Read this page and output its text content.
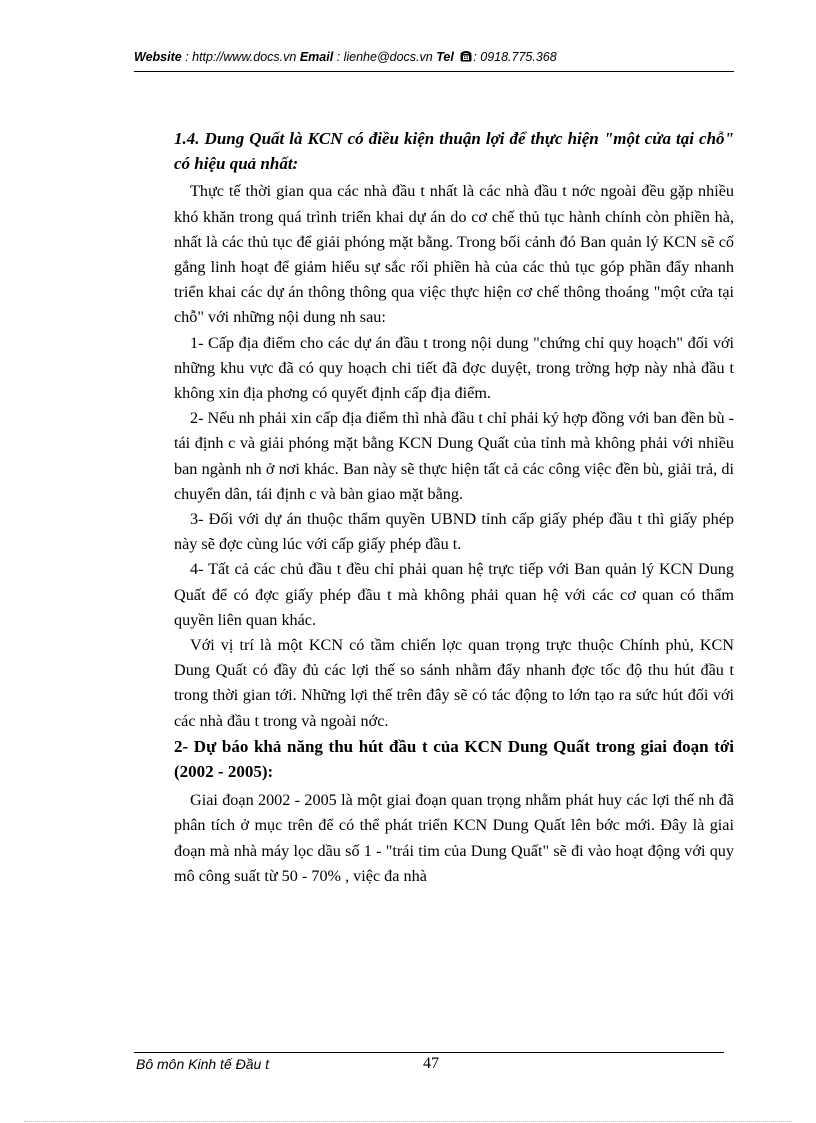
Website : http://www.docs.vn Email : lienhe@docs.vn Tel : 0918.775.368

1.4. Dung Quất là KCN có điều kiện thuận lợi để thực hiện "một cửa tại chỗ" có hiệu quả nhất:

Thực tế thời gian qua các nhà đầu t nhất là các nhà đầu t nớc ngoài đều gặp nhiều khó khăn trong quá trình triển khai dự án do cơ chế thủ tục hành chính còn phiền hà, nhất là các thủ tục để giải phóng mặt bằng. Trong bối cảnh đó Ban quản lý KCN sẽ cố gắng linh hoạt để giảm hiểu sự sắc rối phiền hà của các thủ tục góp phần đẩy nhanh triển khai các dự án thông thông qua việc thực hiện cơ chế thông thoáng "một cửa tại chỗ" với những nội dung nh sau:

1- Cấp địa điểm cho các dự án đầu t trong nội dung "chứng chỉ quy hoạch" đối với những khu vực đã có quy hoạch chi tiết đã đợc duyệt, trong trờng hợp này nhà đầu t không xin địa phơng có quyết định cấp địa điểm.

2- Nếu nh phải xin cấp địa điểm thì nhà đầu t chỉ phải ký hợp đồng với ban đền bù - tái định c và giải phóng mặt bằng KCN Dung Quất của tỉnh mà không phải với nhiều ban ngành nh ở nơi khác. Ban này sẽ thực hiện tất cả các công việc đền bù, giải trả, di chuyển dân, tái định c và bàn giao mặt bằng.

3- Đối với dự án thuộc thẩm quyền UBND tỉnh cấp giấy phép đầu t thì giấy phép này sẽ đợc cùng lúc với cấp giấy phép đầu t.

4- Tất cả các chủ đầu t đều chỉ phải quan hệ trực tiếp với Ban quản lý KCN Dung Quất để có đợc giấy phép đầu t mà không phải quan hệ với các cơ quan có thẩm quyền liên quan khác.

Với vị trí là một KCN có tầm chiến lợc quan trọng trực thuộc Chính phủ, KCN Dung Quất có đầy đủ các lợi thế so sánh nhằm đẩy nhanh đợc tốc độ thu hút đầu t trong thời gian tới. Những lợi thế trên đây sẽ có tác động to lớn tạo ra sức hút đối với các nhà đầu t trong và ngoài nớc.

2- Dự báo khả năng thu hút đầu t của KCN Dung Quất trong giai đoạn tới (2002 - 2005):

Giai đoạn 2002 - 2005 là một giai đoạn quan trọng nhằm phát huy các lợi thế nh đã phân tích ở mục trên để có thể phát triển KCN Dung Quất lên bớc mới. Đây là giai đoạn mà nhà máy lọc dầu số 1 - "trái tim của Dung Quất" sẽ đi vào hoạt động với quy mô công suất từ 50 - 70% , việc đa nhà

Bô môn Kinh tế Đầu t	47
